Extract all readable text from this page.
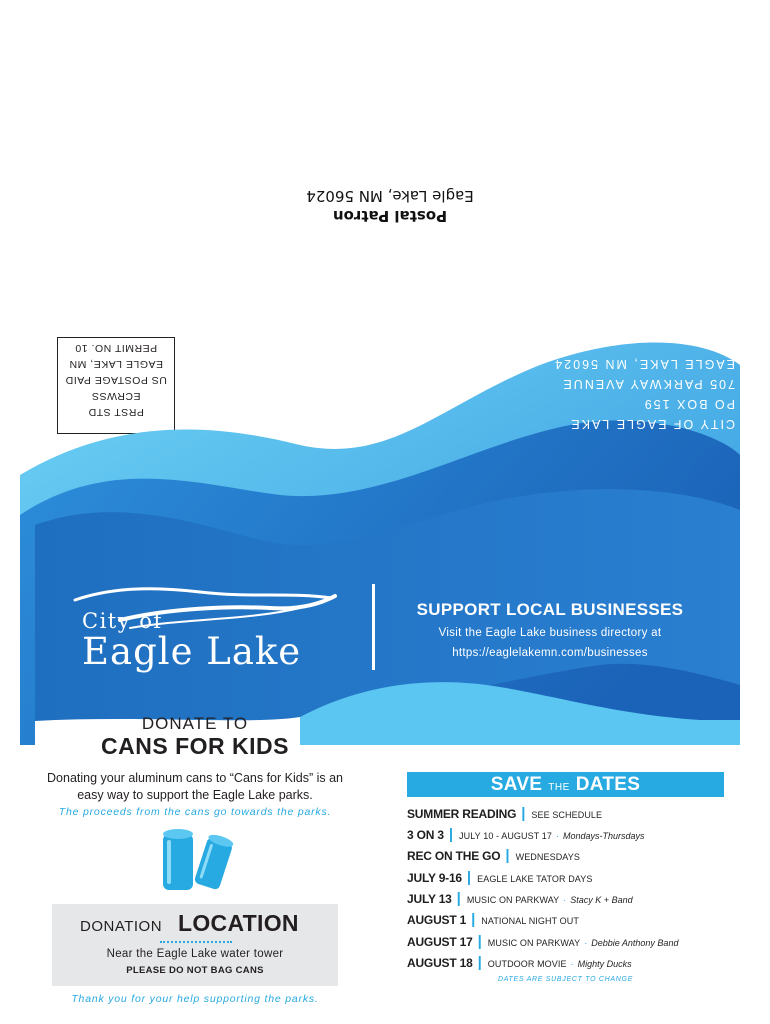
Postal Patron
Eagle Lake, MN 56024
PRST STD
ECRWSS
US POSTAGE PAID
EAGLE LAKE, MN
PERMIT NO. 10
CITY OF EAGLE LAKE
PO BOX 159
705 PARKWAY AVENUE
EAGLE LAKE, MN 56024
City of
Eagle Lake
SUPPORT LOCAL BUSINESSES
Visit the Eagle Lake business directory at
https://eaglelakemn.com/businesses
DONATE TO
CANS FOR KIDS
Donating your aluminum cans to “Cans for Kids” is an easy way to support the Eagle Lake parks.
The proceeds from the cans go towards the parks.
DONATION LOCATION
Near the Eagle Lake water tower
PLEASE DO NOT BAG CANS
Thank you for your help supporting the parks.
SAVE THE DATES
SUMMER READING | SEE SCHEDULE
3 ON 3 | JULY 10 - AUGUST 17 · Mondays-Thursdays
REC ON THE GO | WEDNESDAYS
JULY 9-16 | EAGLE LAKE TATOR DAYS
JULY 13 | MUSIC ON PARKWAY · Stacy K + Band
AUGUST 1 | NATIONAL NIGHT OUT
AUGUST 17 | MUSIC ON PARKWAY · Debbie Anthony Band
AUGUST 18 | OUTDOOR MOVIE · Mighty Ducks
DATES ARE SUBJECT TO CHANGE
